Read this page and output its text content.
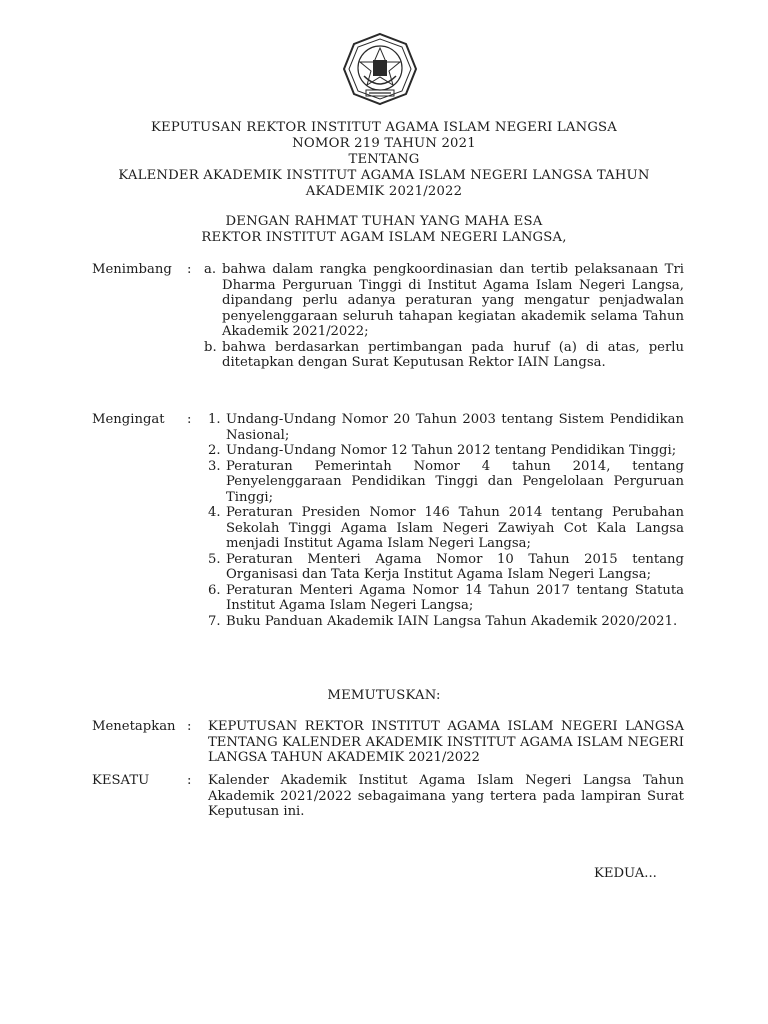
KEPUTUSAN REKTOR INSTITUT AGAMA ISLAM NEGERI LANGSA
NOMOR 219 TAHUN 2021
TENTANG
KALENDER AKADEMIK INSTITUT AGAMA ISLAM NEGERI LANGSA TAHUN
AKADEMIK 2021/2022
DENGAN RAHMAT TUHAN YANG MAHA ESA
REKTOR INSTITUT AGAM ISLAM NEGERI LANGSA,
Menimbang : a. bahwa dalam rangka pengkoordinasian dan tertib pelaksanaan Tri Dharma Perguruan Tinggi di Institut Agama Islam Negeri Langsa, dipandang perlu adanya peraturan yang mengatur penjadwalan penyelenggaraan seluruh tahapan kegiatan akademik selama Tahun Akademik 2021/2022;
b. bahwa berdasarkan pertimbangan pada huruf (a) di atas, perlu ditetapkan dengan Surat Keputusan Rektor IAIN Langsa.
Mengingat : 1. Undang-Undang Nomor 20 Tahun 2003 tentang Sistem Pendidikan Nasional;
2. Undang-Undang Nomor 12 Tahun 2012 tentang Pendidikan Tinggi;
3. Peraturan Pemerintah Nomor 4 tahun 2014, tentang Penyelenggaraan Pendidikan Tinggi dan Pengelolaan Perguruan Tinggi;
4. Peraturan Presiden Nomor 146 Tahun 2014 tentang Perubahan Sekolah Tinggi Agama Islam Negeri Zawiyah Cot Kala Langsa menjadi Institut Agama Islam Negeri Langsa;
5. Peraturan Menteri Agama Nomor 10 Tahun 2015 tentang Organisasi dan Tata Kerja Institut Agama Islam Negeri Langsa;
6. Peraturan Menteri Agama Nomor 14 Tahun 2017 tentang Statuta Institut Agama Islam Negeri Langsa;
7. Buku Panduan Akademik IAIN Langsa Tahun Akademik 2020/2021.
MEMUTUSKAN:
Menetapkan : KEPUTUSAN REKTOR INSTITUT AGAMA ISLAM NEGERI LANGSA TENTANG KALENDER AKADEMIK INSTITUT AGAMA ISLAM NEGERI LANGSA TAHUN AKADEMIK 2021/2022
KESATU	: Kalender Akademik Institut Agama Islam Negeri Langsa Tahun Akademik 2021/2022 sebagaimana yang tertera pada lampiran Surat Keputusan ini.
KEDUA...
